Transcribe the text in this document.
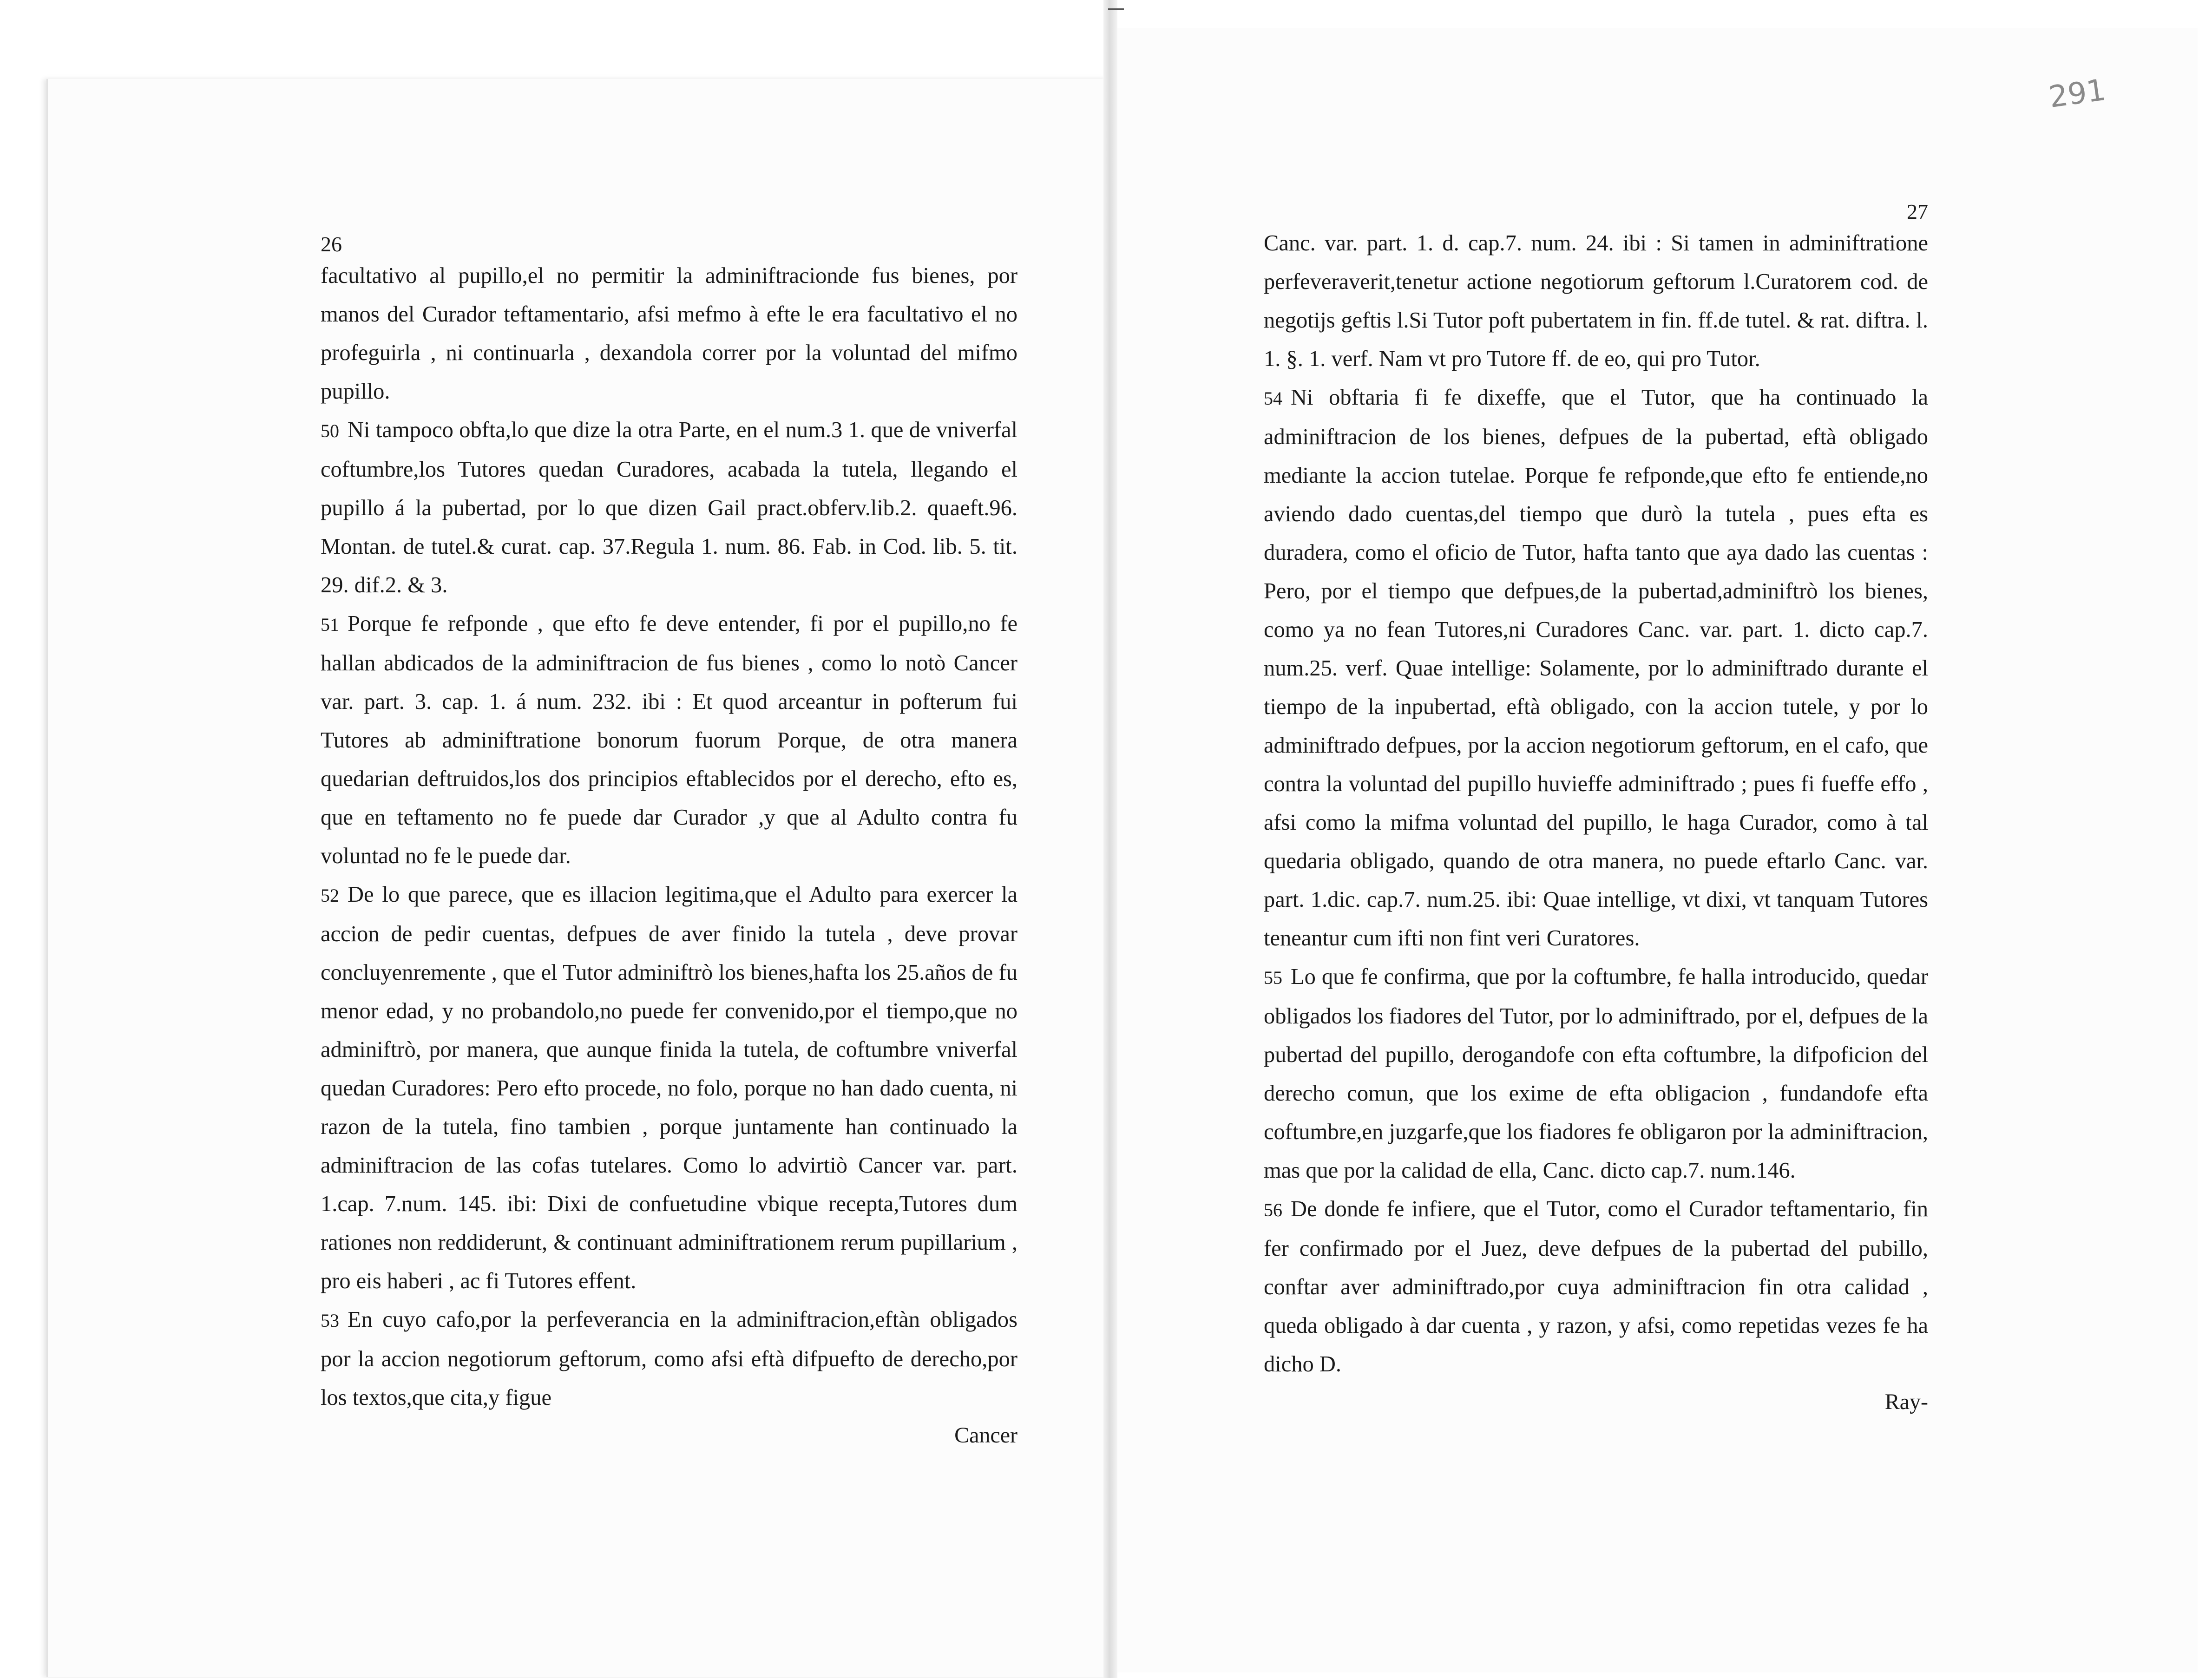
291
26

facultativo al pupillo,el no permitir la adminiftracionde fus bienes, por manos del Curador teftamentario, afsi mefmo à efte le era facultativo el no profeguirla , ni continuarla , dexandola correr por la voluntad del mifmo pupillo.

50 Ni tampoco obfta,lo que dize la otra Parte, en el num.3 1. que de vniverfal coftumbre,los Tutores quedan Curadores, acabada la tutela, llegando el pupillo á la pubertad, por lo que dizen Gail pract.obferv.lib.2. quaeft.96. Montan. de tutel.& curat. cap. 37.Regula 1. num. 86. Fab. in Cod. lib. 5. tit. 29. dif.2. & 3.

51 Porque fe refponde , que efto fe deve entender, fi por el pupillo,no fe hallan abdicados de la adminiftracion de fus bienes , como lo notò Cancer var. part. 3. cap. 1. á num. 232. ibi : Et quod arceantur in pofterum fui Tutores ab adminiftratione bonorum fuorum Porque, de otra manera quedarian deftruidos,los dos principios eftablecidos por el derecho, efto es, que en teftamento no fe puede dar Curador ,y que al Adulto contra fu voluntad no fe le puede dar.

52 De lo que parece, que es illacion legitima,que el Adulto para exercer la accion de pedir cuentas, defpues de aver finido la tutela , deve provar concluyenremente , que el Tutor adminiftrò los bienes,hafta los 25.años de fu menor edad, y no probandolo,no puede fer convenido,por el tiempo,que no adminiftrò, por manera, que aunque finida la tutela, de coftumbre vniverfal quedan Curadores: Pero efto procede, no folo, porque no han dado cuenta, ni razon de la tutela, fino tambien , porque juntamente han continuado la adminiftracion de las cofas tutelares. Como lo advirtiò Cancer var. part. 1.cap. 7.num. 145. ibi: Dixi de confuetudine vbique recepta,Tutores dum rationes non reddiderunt, & continuant adminiftrationem rerum pupillarium , pro eis haberi , ac fi Tutores effent.

53 En cuyo cafo,por la perfeverancia en la adminiftracion,eftàn obligados por la accion negotiorum geftorum, como afsi eftà difpuefto de derecho,por los textos,que cita,y figue

Cancer
27

Canc. var. part. 1. d. cap.7. num. 24. ibi : Si tamen in adminiftratione perfeveraverit,tenetur actione negotiorum geftorum l.Curatorem cod. de negotijs geftis l.Si Tutor poft pubertatem in fin. ff.de tutel. & rat. diftra. l. 1. §. 1. verf. Nam vt pro Tutore ff. de eo, qui pro Tutor.

54 Ni obftaria fi fe dixeffe, que el Tutor, que ha continuado la adminiftracion de los bienes, defpues de la pubertad, eftà obligado mediante la accion tutelae. Porque fe refponde,que efto fe entiende,no aviendo dado cuentas,del tiempo que durò la tutela , pues efta es duradera, como el oficio de Tutor, hafta tanto que aya dado las cuentas : Pero, por el tiempo que defpues,de la pubertad,adminiftrò los bienes, como ya no fean Tutores,ni Curadores Canc. var. part. 1. dicto cap.7. num.25. verf. Quae intellige: Solamente, por lo adminiftrado durante el tiempo de la inpubertad, eftà obligado, con la accion tutele, y por lo adminiftrado defpues, por la accion negotiorum geftorum, en el cafo, que contra la voluntad del pupillo huvieffe adminiftrado ; pues fi fueffe effo , afsi como la mifma voluntad del pupillo, le haga Curador, como à tal quedaria obligado, quando de otra manera, no puede eftarlo Canc. var. part. 1.dic. cap.7. num.25. ibi: Quae intellige, vt dixi, vt tanquam Tutores teneantur cum ifti non fint veri Curatores.

55 Lo que fe confirma, que por la coftumbre, fe halla introducido, quedar obligados los fiadores del Tutor, por lo adminiftrado, por el, defpues de la pubertad del pupillo, derogandofe con efta coftumbre, la difpoficion del derecho comun, que los exime de efta obligacion , fundandofe efta coftumbre,en juzgarfe,que los fiadores fe obligaron por la adminiftracion, mas que por la calidad de ella, Canc. dicto cap.7. num.146.

56 De donde fe infiere, que el Tutor, como el Curador teftamentario, fin fer confirmado por el Juez, deve defpues de la pubertad del pubillo, conftar aver adminiftrado,por cuya adminiftracion fin otra calidad , queda obligado à dar cuenta , y razon, y afsi, como repetidas vezes fe ha dicho D.

Ray-
